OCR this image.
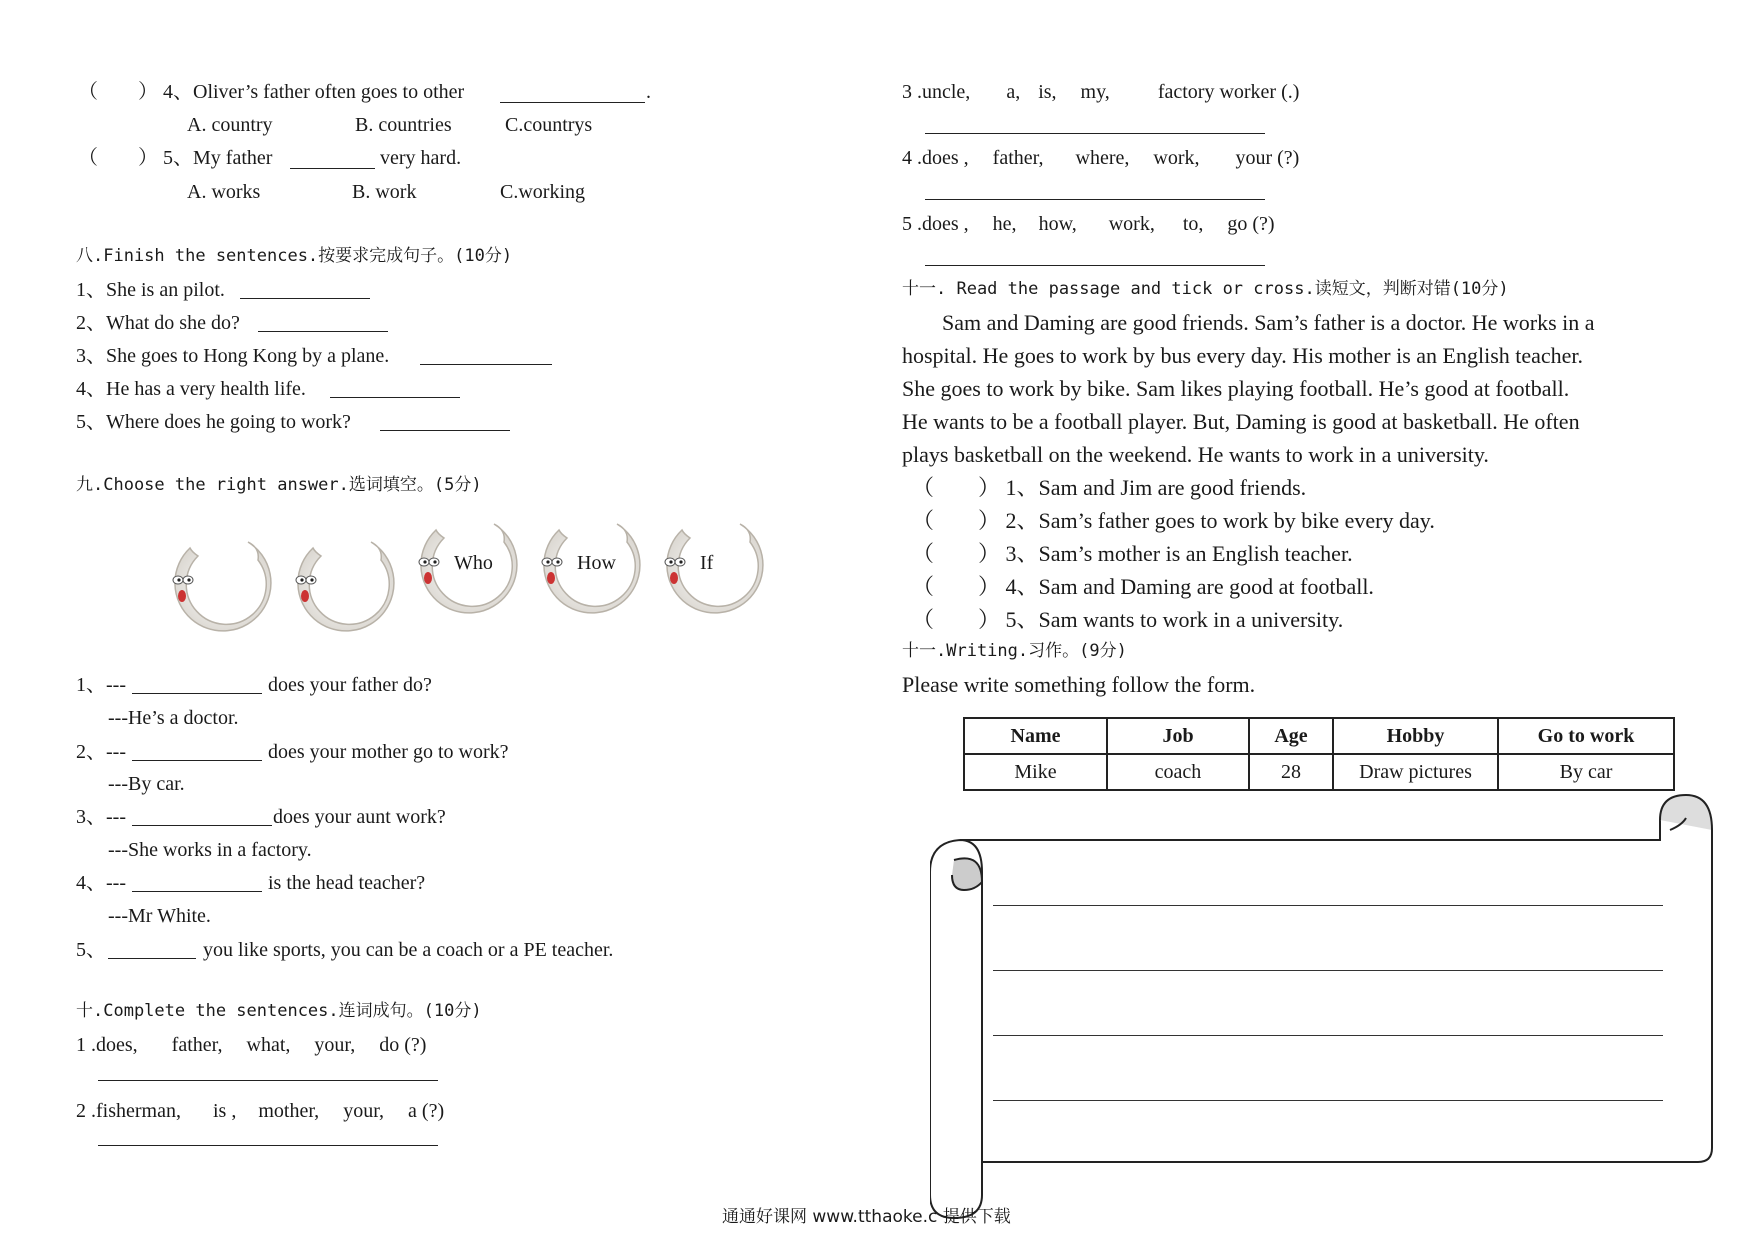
（　　） 4、Oliver’s father often goes to other	.
A. country	B. countries	C.countrys
（　　） 5、My father	very hard.
A. works	B. work	C.working
八.Finish the sentences.按要求完成句子。(10分)
1、She is an pilot.
2、What do she do?
3、She goes to Hong Kong by a plane.
4、He has a very health life.
5、Where does he going to work?
九.Choose the right answer.选词填空。(5分)
Who	How	If
1、---	does your father do?
---He’s a doctor.
2、---	does your mother go to work?
---By car.
3、---	does your aunt work?
---She works in a factory.
4、---	is the head teacher?
---Mr White.
5、	you like sports, you can be a coach or a PE teacher.
十.Complete the sentences.连词成句。(10分)
1 .does, father, what, your, do (?)
2 .fisherman, is , mother, your, a (?)
3 .uncle, a, is, my, factory worker (.)
4 .does , father, where, work, your (?)
5 .does , he, how, work, to, go (?)
十一. Read the passage and tick or cross.读短文，判断对错(10分)
Sam and Daming are good friends. Sam’s father is a doctor. He works in a
hospital. He goes to work by bus every day. His mother is an English teacher.
She goes to work by bike. Sam likes playing football. He’s good at football.
He wants to be a football player. But, Daming is good at basketball. He often
plays basketball on the weekend. He wants to work in a university.
（　　） 1、Sam and Jim are good friends.
（　　） 2、Sam’s father goes to work by bike every day.
（　　） 3、Sam’s mother is an English teacher.
（　　） 4、Sam and Daming are good at football.
（　　） 5、Sam wants to work in a university.
十一.Writing.习作。(9分)
Please write something follow the form.
Name	Job	Age	Hobby	Go to work
Mike	coach	28	Draw pictures	By car
通通好课网 www.tthaoke.c 提供下载
